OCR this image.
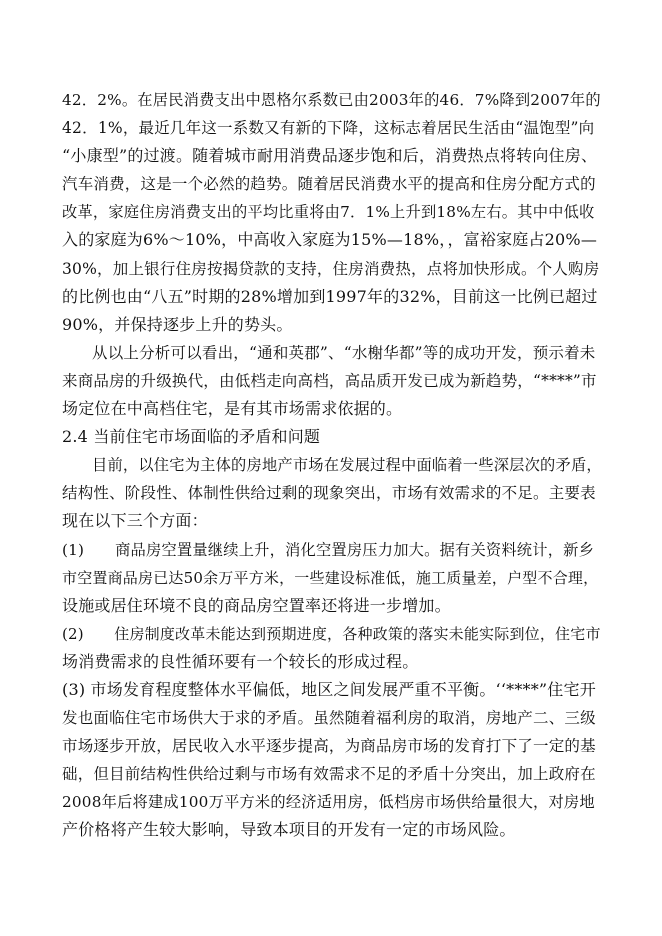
42．2%。在居民消费支出中恩格尔系数已由2003年的46．7%降到2007年的
42．1%，最近几年这一系数又有新的下降，这标志着居民生活由“温饱型”向
“小康型”的过渡。随着城市耐用消费品逐步饱和后，消费热点将转向住房、
汽车消费，这是一个必然的趋势。随着居民消费水平的提高和住房分配方式的
改革，家庭住房消费支出的平均比重将由7．1%上升到18%左右。其中中低收
入的家庭为6%～10%，中高收入家庭为15%—18%，，富裕家庭占20%—
30%，加上银行住房按揭贷款的支持，住房消费热，点将加快形成。个人购房
的比例也由“八五”时期的28%增加到1997年的32%，目前这一比例已超过
90%，并保持逐步上升的势头。
从以上分析可以看出，“通和英郡”、“水榭华都”等的成功开发，预示着未
来商品房的升级换代，由低档走向高档，高品质开发已成为新趋势，“****”市
场定位在中高档住宅，是有其市场需求依据的。
2.4 当前住宅市场面临的矛盾和问题
目前，以住宅为主体的房地产市场在发展过程中面临着一些深层次的矛盾，
结构性、阶段性、体制性供给过剩的现象突出，市场有效需求的不足。主要表
现在以下三个方面：
(1)　　商品房空置量继续上升，消化空置房压力加大。据有关资料统计，新乡
市空置商品房已达50余万平方米，一些建设标准低，施工质量差，户型不合理，
设施或居住环境不良的商品房空置率还将进一步增加。
(2)　　住房制度改革未能达到预期进度，各种政策的落实未能实际到位，住宅市
场消费需求的良性循环要有一个较长的形成过程。
(3) 市场发育程度整体水平偏低，地区之间发展严重不平衡。‘‘****”住宅开
发也面临住宅市场供大于求的矛盾。虽然随着福利房的取消，房地产二、三级
市场逐步开放，居民收入水平逐步提高，为商品房市场的发育打下了一定的基
础，但目前结构性供给过剩与市场有效需求不足的矛盾十分突出，加上政府在
2008年后将建成100万平方米的经济适用房，低档房市场供给量很大，对房地
产价格将产生较大影响，导致本项目的开发有一定的市场风险。
